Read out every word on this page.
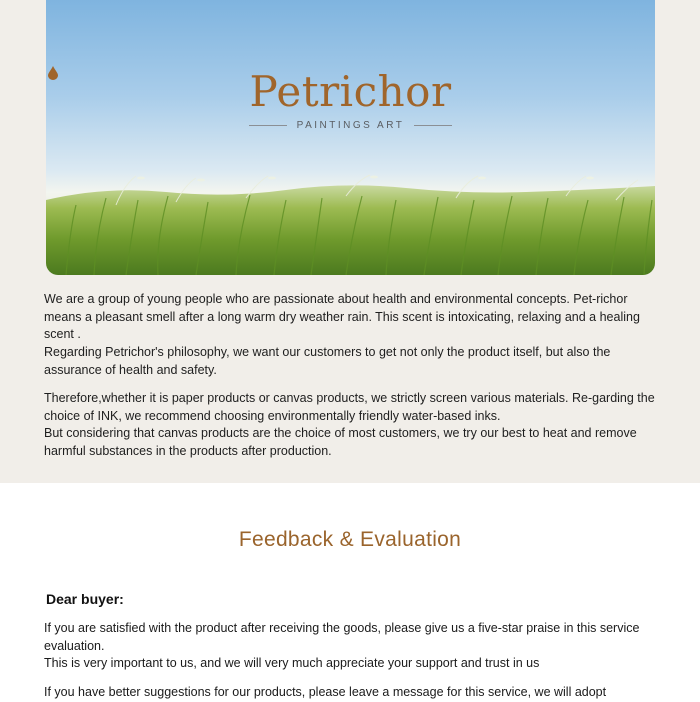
Petrichor
PAINTINGS ART

We are a group of young people who are passionate about health and environmental concepts. Pet-richor means a pleasant smell after a long warm dry weather rain. This scent is intoxicating, relaxing and a healing scent .

Regarding Petrichor's philosophy, we want our customers to get not only the product itself, but also the assurance of health and safety.

Therefore,whether it is paper products or canvas products, we strictly screen various materials. Re-garding the choice of INK, we recommend choosing environmentally friendly water-based inks.

But considering that canvas products are the choice of most customers, we try our best to heat and remove harmful substances in the products after production.

Feedback & Evaluation
Dear buyer:

If you are satisfied with the product after receiving the goods, please give us a five-star praise in this service evaluation.

This is very important to us, and we will very much appreciate your support and trust in us

If you have better suggestions for our products, please leave a message for this service, we will adopt
